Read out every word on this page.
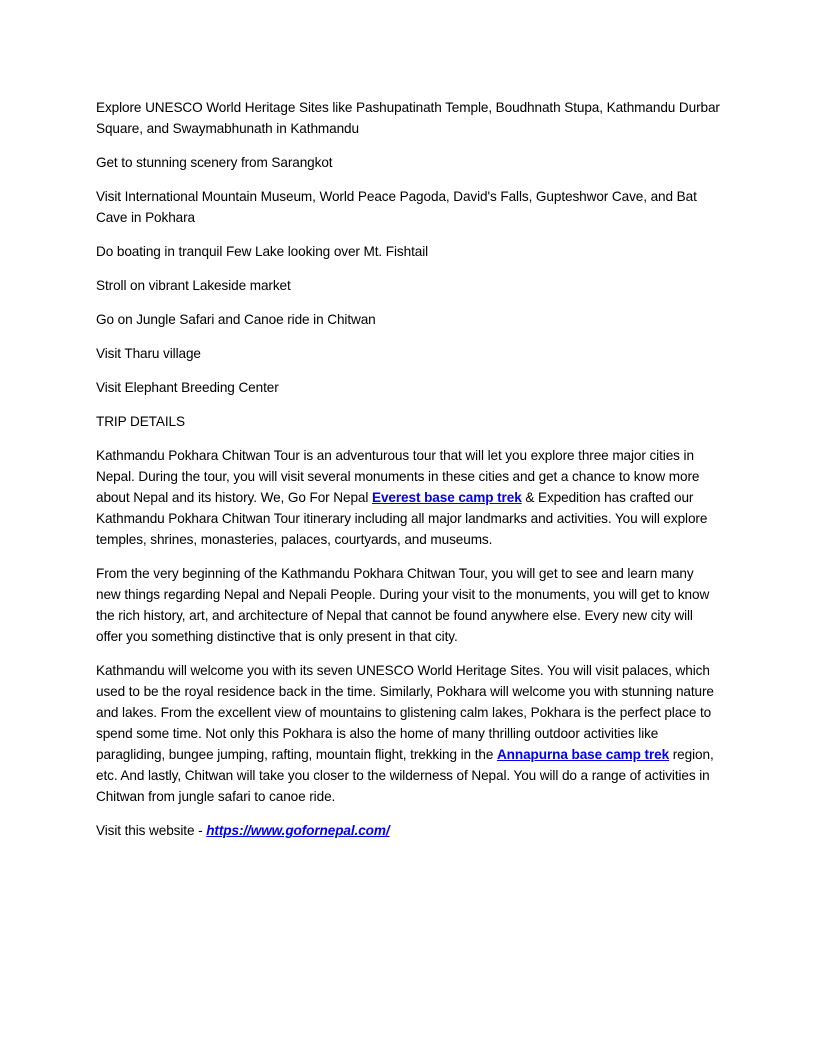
Explore UNESCO World Heritage Sites like Pashupatinath Temple, Boudhnath Stupa, Kathmandu Durbar Square, and Swaymabhunath in Kathmandu

Get to stunning scenery from Sarangkot

Visit International Mountain Museum, World Peace Pagoda, David's Falls, Gupteshwor Cave, and Bat Cave in Pokhara

Do boating in tranquil Few Lake looking over Mt. Fishtail

Stroll on vibrant Lakeside market

Go on Jungle Safari and Canoe ride in Chitwan

Visit Tharu village

Visit Elephant Breeding Center

TRIP DETAILS

Kathmandu Pokhara Chitwan Tour is an adventurous tour that will let you explore three major cities in Nepal. During the tour, you will visit several monuments in these cities and get a chance to know more about Nepal and its history. We, Go For Nepal Everest base camp trek & Expedition has crafted our Kathmandu Pokhara Chitwan Tour itinerary including all major landmarks and activities. You will explore temples, shrines, monasteries, palaces, courtyards, and museums.

From the very beginning of the Kathmandu Pokhara Chitwan Tour, you will get to see and learn many new things regarding Nepal and Nepali People. During your visit to the monuments, you will get to know the rich history, art, and architecture of Nepal that cannot be found anywhere else. Every new city will offer you something distinctive that is only present in that city.

Kathmandu will welcome you with its seven UNESCO World Heritage Sites. You will visit palaces, which used to be the royal residence back in the time. Similarly, Pokhara will welcome you with stunning nature and lakes. From the excellent view of mountains to glistening calm lakes, Pokhara is the perfect place to spend some time. Not only this Pokhara is also the home of many thrilling outdoor activities like paragliding, bungee jumping, rafting, mountain flight, trekking in the Annapurna base camp trek region, etc. And lastly, Chitwan will take you closer to the wilderness of Nepal. You will do a range of activities in Chitwan from jungle safari to canoe ride.

Visit this website - https://www.gofornepal.com/
